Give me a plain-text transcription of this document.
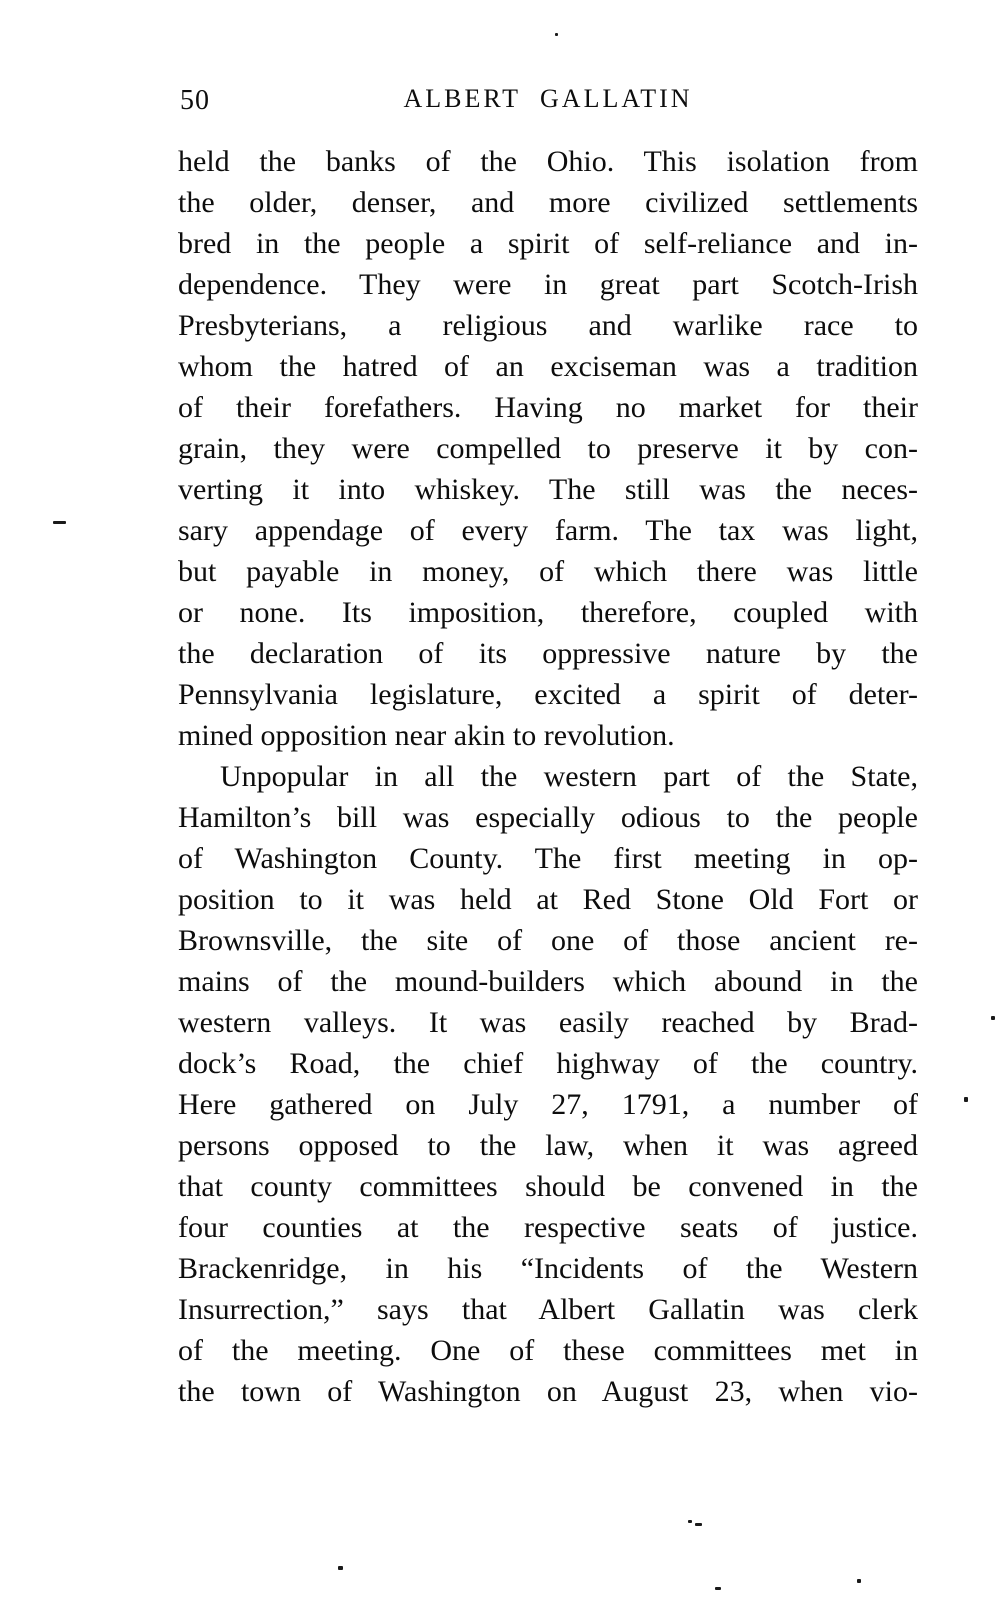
50	ALBERT GALLATIN
held the banks of the Ohio. This isolation from
the older, denser, and more civilized settlements
bred in the people a spirit of self-reliance and in-
dependence. They were in great part Scotch-Irish
Presbyterians, a religious and warlike race to
whom the hatred of an exciseman was a tradition
of their forefathers. Having no market for their
grain, they were compelled to preserve it by con-
verting it into whiskey. The still was the neces-
sary appendage of every farm. The tax was light,
but payable in money, of which there was little
or none. Its imposition, therefore, coupled with
the declaration of its oppressive nature by the
Pennsylvania legislature, excited a spirit of deter-
mined opposition near akin to revolution.
Unpopular in all the western part of the State,
Hamilton’s bill was especially odious to the people
of Washington County. The first meeting in op-
position to it was held at Red Stone Old Fort or
Brownsville, the site of one of those ancient re-
mains of the mound-builders which abound in the
western valleys. It was easily reached by Brad-
dock’s Road, the chief highway of the country.
Here gathered on July 27, 1791, a number of
persons opposed to the law, when it was agreed
that county committees should be convened in the
four counties at the respective seats of justice.
Brackenridge, in his “Incidents of the Western
Insurrection,” says that Albert Gallatin was clerk
of the meeting. One of these committees met in
the town of Washington on August 23, when vio-
